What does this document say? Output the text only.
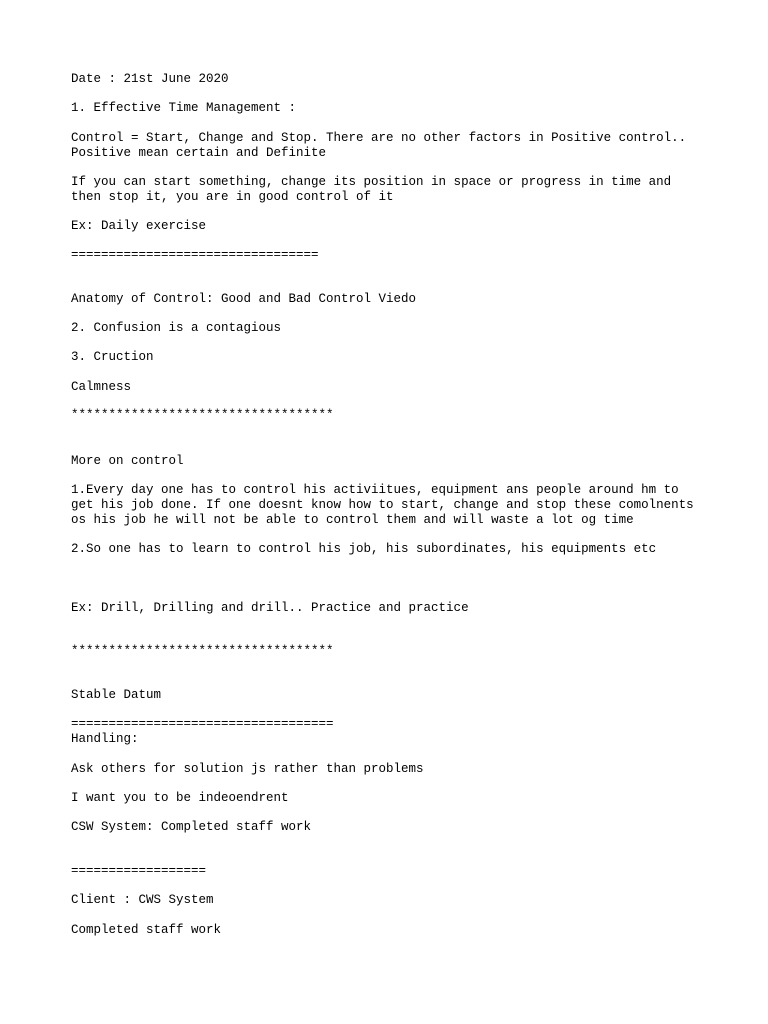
Date : 21st June 2020

1. Effective Time Management :

Control = Start, Change and Stop. There are no other factors in Positive control..

Positive mean certain and Definite

If you can start something, change its position in space or progress in time and

then stop it, you are in good control of it

Ex: Daily exercise

=================================

Anatomy of Control: Good and Bad Control Viedo

2. Confusion is a contagious

3. Cruction

Calmness

***********************************

More on control

1.Every day one has to control his activiitues, equipment ans people around hm to

get his job done. If one doesnt know how to start, change and stop these comolnents

os his job he will not be able to control them and will waste a lot og time

2.So one has to learn to control his job, his subordinates, his equipments etc

Ex: Drill, Drilling and drill.. Practice and practice

***********************************

Stable Datum

===================================

Handling:

Ask others for solution js rather than problems

I want you to be indeoendrent

CSW System: Completed staff work

==================

Client : CWS System

Completed staff work
